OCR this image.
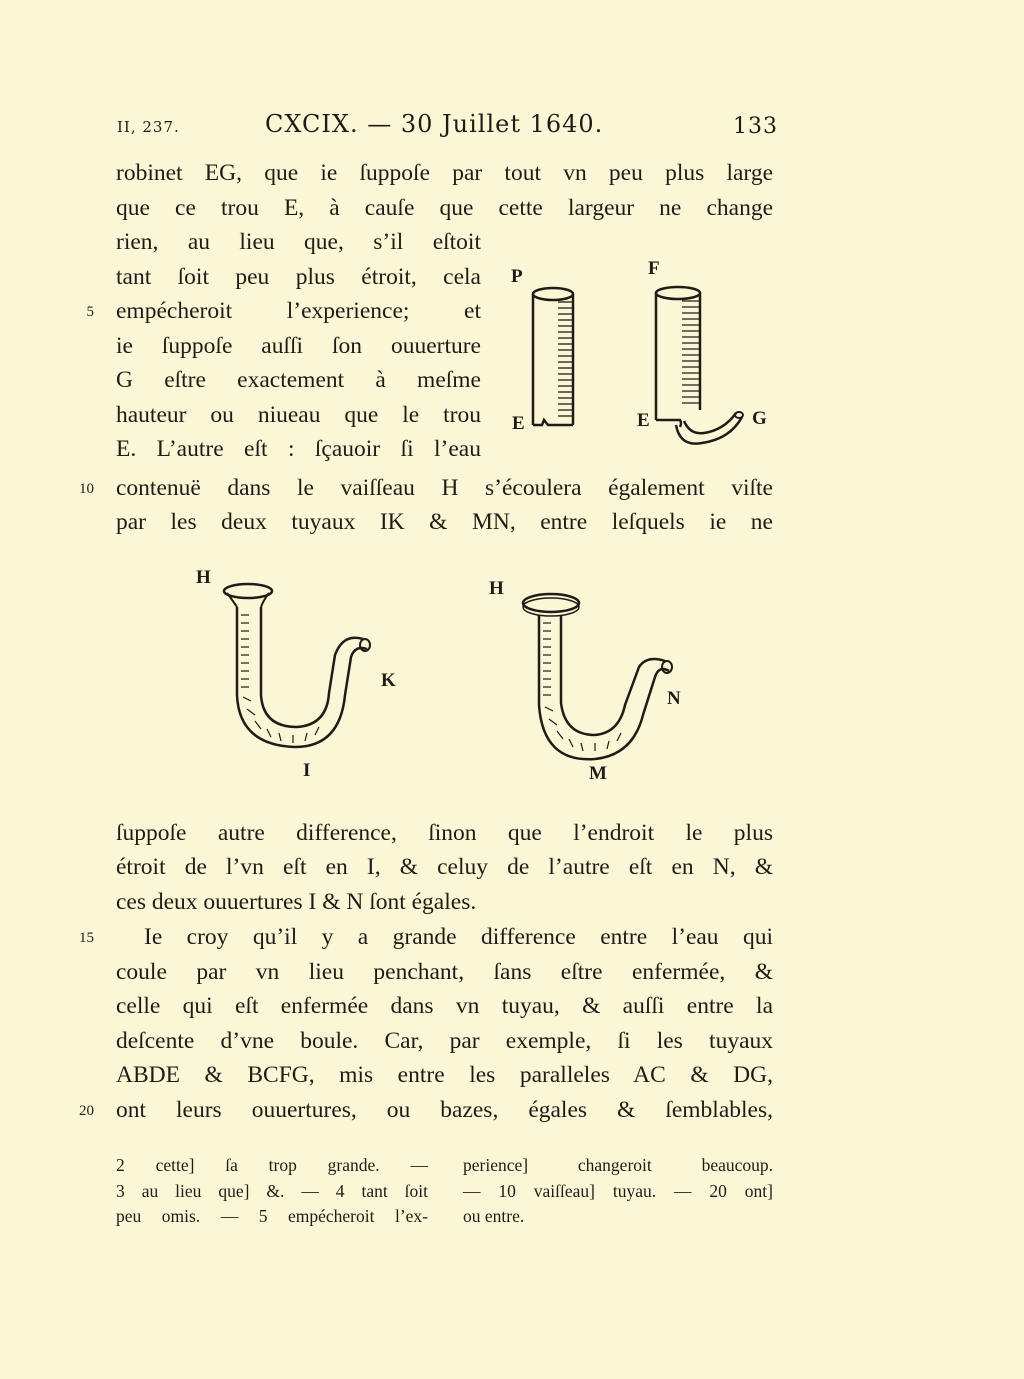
II, 237.	CXCIX. — 30 Juillet 1640.	133
robinet EG, que ie ſuppoſe par tout vn peu plus large
que ce trou E, à cauſe que cette largeur ne change
rien, au lieu que, s’il eſtoit
tant ſoit peu plus étroit, cela
empécheroit l’experience; et
ie ſuppoſe auſſi ſon ouuerture
G eſtre exactement à meſme
hauteur ou niueau que le trou
E. L’autre eſt : ſçauoir ſi l’eau
contenuë dans le vaiſſeau H s’écoulera également viſte
par les deux tuyaux IK & MN, entre leſquels ie ne
ſuppoſe autre difference, ſinon que l’endroit le plus
étroit de l’vn eſt en I, & celuy de l’autre eſt en N, &
ces deux ouuertures I & N ſont égales.
Ie croy qu’il y a grande difference entre l’eau qui
coule par vn lieu penchant, ſans eſtre enfermée, &
celle qui eſt enfermée dans vn tuyau, & auſſi entre la
deſcente d’vne boule. Car, par exemple, ſi les tuyaux
ABDE & BCFG, mis entre les paralleles AC & DG,
ont leurs ouuertures, ou bazes, égales & ſemblables,
5
10
15
20
P
E
F
E	G
H
K
I
H
N
M
2 cette] ſa trop grande. —
3 au lieu que] &. — 4 tant ſoit
peu omis. — 5 empécheroit l’ex-
perience] changeroit beaucoup.
— 10 vaiſſeau] tuyau. — 20 ont]
ou entre.
